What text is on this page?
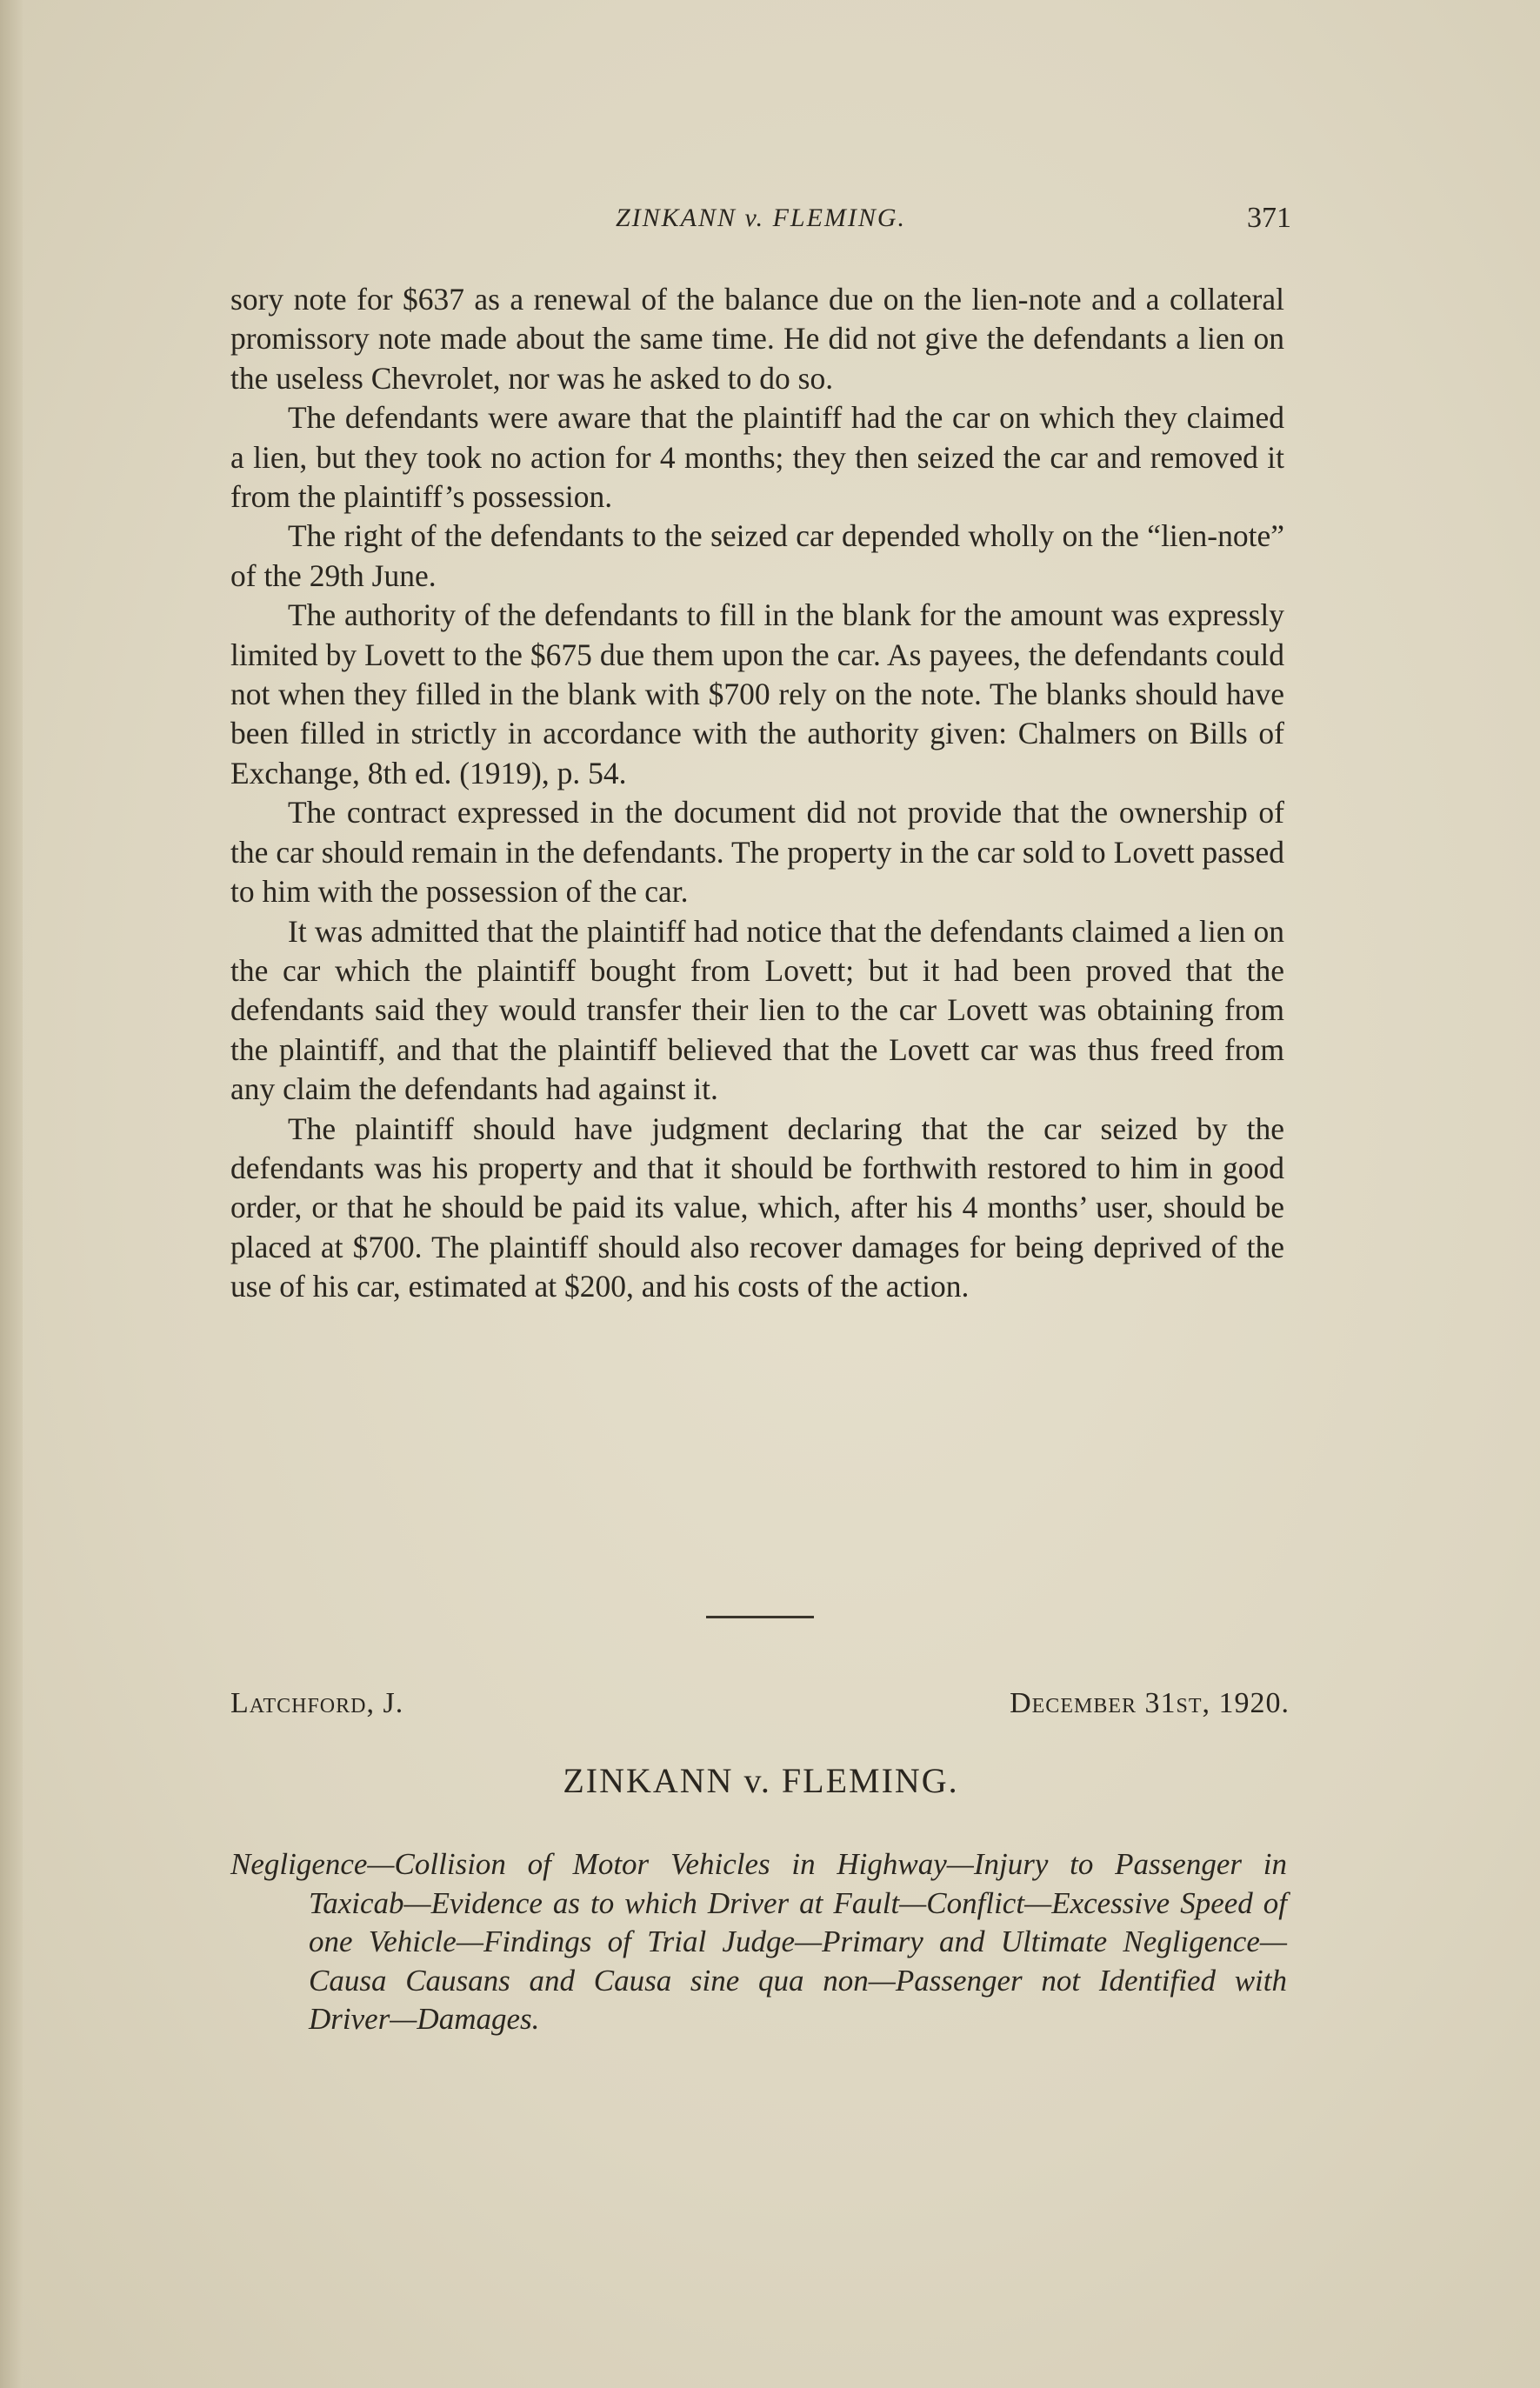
ZINKANN v. FLEMING.	371

sory note for $637 as a renewal of the balance due on the lien-note and a collateral promissory note made about the same time. He did not give the defendants a lien on the useless Chevrolet, nor was he asked to do so.

The defendants were aware that the plaintiff had the car on which they claimed a lien, but they took no action for 4 months; they then seized the car and removed it from the plaintiff’s possession.

The right of the defendants to the seized car depended wholly on the “lien-note” of the 29th June.

The authority of the defendants to fill in the blank for the amount was expressly limited by Lovett to the $675 due them upon the car. As payees, the defendants could not when they filled in the blank with $700 rely on the note. The blanks should have been filled in strictly in accordance with the authority given: Chalmers on Bills of Exchange, 8th ed. (1919), p. 54.

The contract expressed in the document did not provide that the ownership of the car should remain in the defendants. The property in the car sold to Lovett passed to him with the possession of the car.

It was admitted that the plaintiff had notice that the defendants claimed a lien on the car which the plaintiff bought from Lovett; but it had been proved that the defendants said they would transfer their lien to the car Lovett was obtaining from the plaintiff, and that the plaintiff believed that the Lovett car was thus freed from any claim the defendants had against it.

The plaintiff should have judgment declaring that the car seized by the defendants was his property and that it should be forthwith restored to him in good order, or that he should be paid its value, which, after his 4 months’ user, should be placed at $700. The plaintiff should also recover damages for being deprived of the use of his car, estimated at $200, and his costs of the action.

Latchford, J.	December 31st, 1920.
ZINKANN v. FLEMING.
Negligence—Collision of Motor Vehicles in Highway—Injury to Passenger in Taxicab—Evidence as to which Driver at Fault—Conflict—Excessive Speed of one Vehicle—Findings of Trial Judge—Primary and Ultimate Negligence—Causa Causans and Causa sine qua non—Passenger not Identified with Driver—Damages.
